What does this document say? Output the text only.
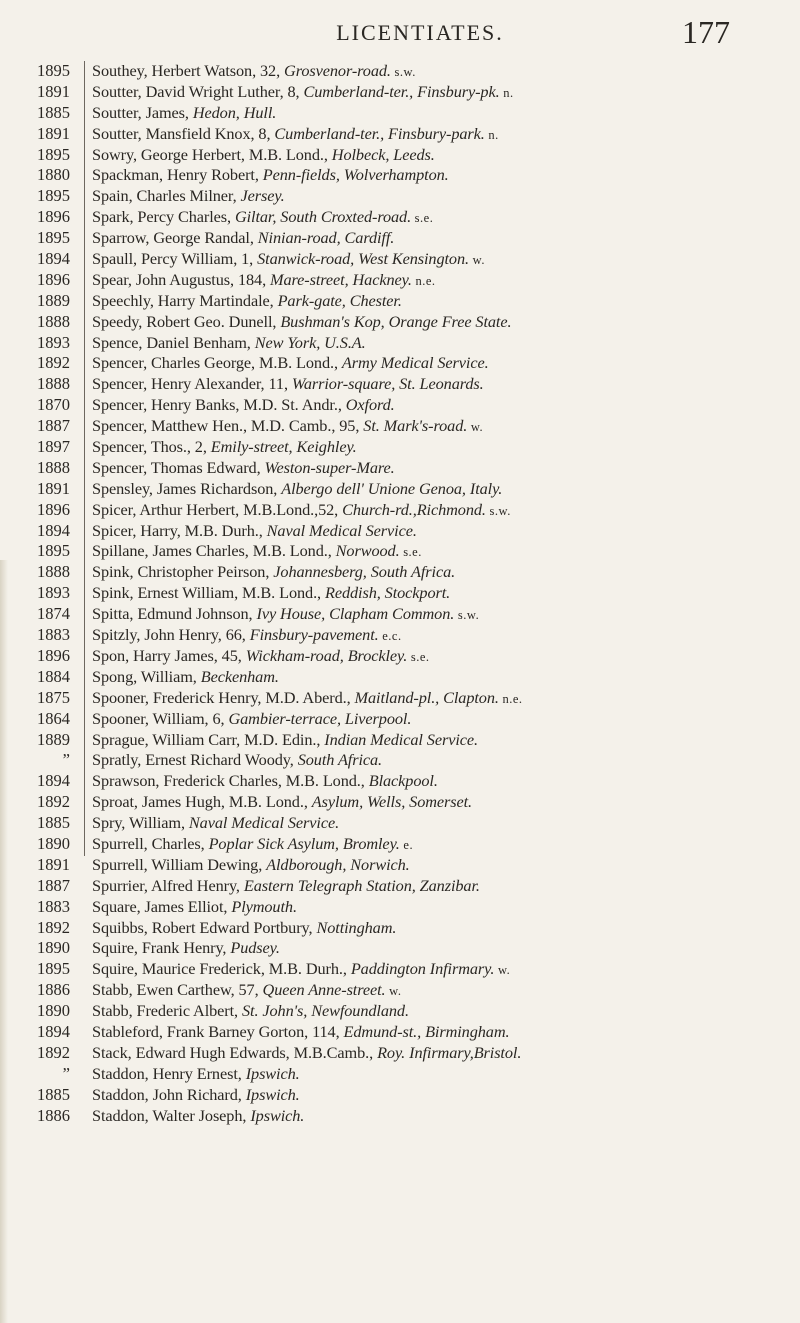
LICENTIATES.	177
1895 Southey, Herbert Watson, 32, Grosvenor-road. s.w.
1891 Soutter, David Wright Luther, 8, Cumberland-ter., Finsbury-pk. n.
1885 Soutter, James, Hedon, Hull.
1891 Soutter, Mansfield Knox, 8, Cumberland-ter., Finsbury-park. n.
1895 Sowry, George Herbert, M.B. Lond., Holbeck, Leeds.
1880 Spackman, Henry Robert, Penn-fields, Wolverhampton.
1895 Spain, Charles Milner, Jersey.
1896 Spark, Percy Charles, Giltar, South Croxted-road. s.e.
1895 Sparrow, George Randal, Ninian-road, Cardiff.
1894 Spaull, Percy William, 1, Stanwick-road, West Kensington. w.
1896 Spear, John Augustus, 184, Mare-street, Hackney. n.e.
1889 Speechly, Harry Martindale, Park-gate, Chester.
1888 Speedy, Robert Geo. Dunell, Bushman's Kop, Orange Free State.
1893 Spence, Daniel Benham, New York, U.S.A.
1892 Spencer, Charles George, M.B. Lond., Army Medical Service.
1888 Spencer, Henry Alexander, 11, Warrior-square, St. Leonards.
1870 Spencer, Henry Banks, M.D. St. Andr., Oxford.
1887 Spencer, Matthew Hen., M.D. Camb., 95, St. Mark's-road. w.
1897 Spencer, Thos., 2, Emily-street, Keighley.
1888 Spencer, Thomas Edward, Weston-super-Mare.
1891 Spensley, James Richardson, Albergo dell' Unione Genoa, Italy.
1896 Spicer, Arthur Herbert, M.B.Lond.,52, Church-rd.,Richmond. s.w.
1894 Spicer, Harry, M.B. Durh., Naval Medical Service.
1895 Spillane, James Charles, M.B. Lond., Norwood. s.e.
1888 Spink, Christopher Peirson, Johannesberg, South Africa.
1893 Spink, Ernest William, M.B. Lond., Reddish, Stockport.
1874 Spitta, Edmund Johnson, Ivy House, Clapham Common. s.w.
1883 Spitzly, John Henry, 66, Finsbury-pavement. e.c.
1896 Spon, Harry James, 45, Wickham-road, Brockley. s.e.
1884 Spong, William, Beckenham.
1875 Spooner, Frederick Henry, M.D. Aberd., Maitland-pl., Clapton. n.e.
1864 Spooner, William, 6, Gambier-terrace, Liverpool.
1889 Sprague, William Carr, M.D. Edin., Indian Medical Service.
” Spratly, Ernest Richard Woody, South Africa.
1894 Sprawson, Frederick Charles, M.B. Lond., Blackpool.
1892 Sproat, James Hugh, M.B. Lond., Asylum, Wells, Somerset.
1885 Spry, William, Naval Medical Service.
1890 Spurrell, Charles, Poplar Sick Asylum, Bromley. e.
1891 Spurrell, William Dewing, Aldborough, Norwich.
1887 Spurrier, Alfred Henry, Eastern Telegraph Station, Zanzibar.
1883 Square, James Elliot, Plymouth.
1892 Squibbs, Robert Edward Portbury, Nottingham.
1890 Squire, Frank Henry, Pudsey.
1895 Squire, Maurice Frederick, M.B. Durh., Paddington Infirmary. w.
1886 Stabb, Ewen Carthew, 57, Queen Anne-street. w.
1890 Stabb, Frederic Albert, St. John's, Newfoundland.
1894 Stableford, Frank Barney Gorton, 114, Edmund-st., Birmingham.
1892 Stack, Edward Hugh Edwards, M.B.Camb., Roy. Infirmary,Bristol.
” Staddon, Henry Ernest, Ipswich.
1885 Staddon, John Richard, Ipswich.
1886 Staddon, Walter Joseph, Ipswich.
